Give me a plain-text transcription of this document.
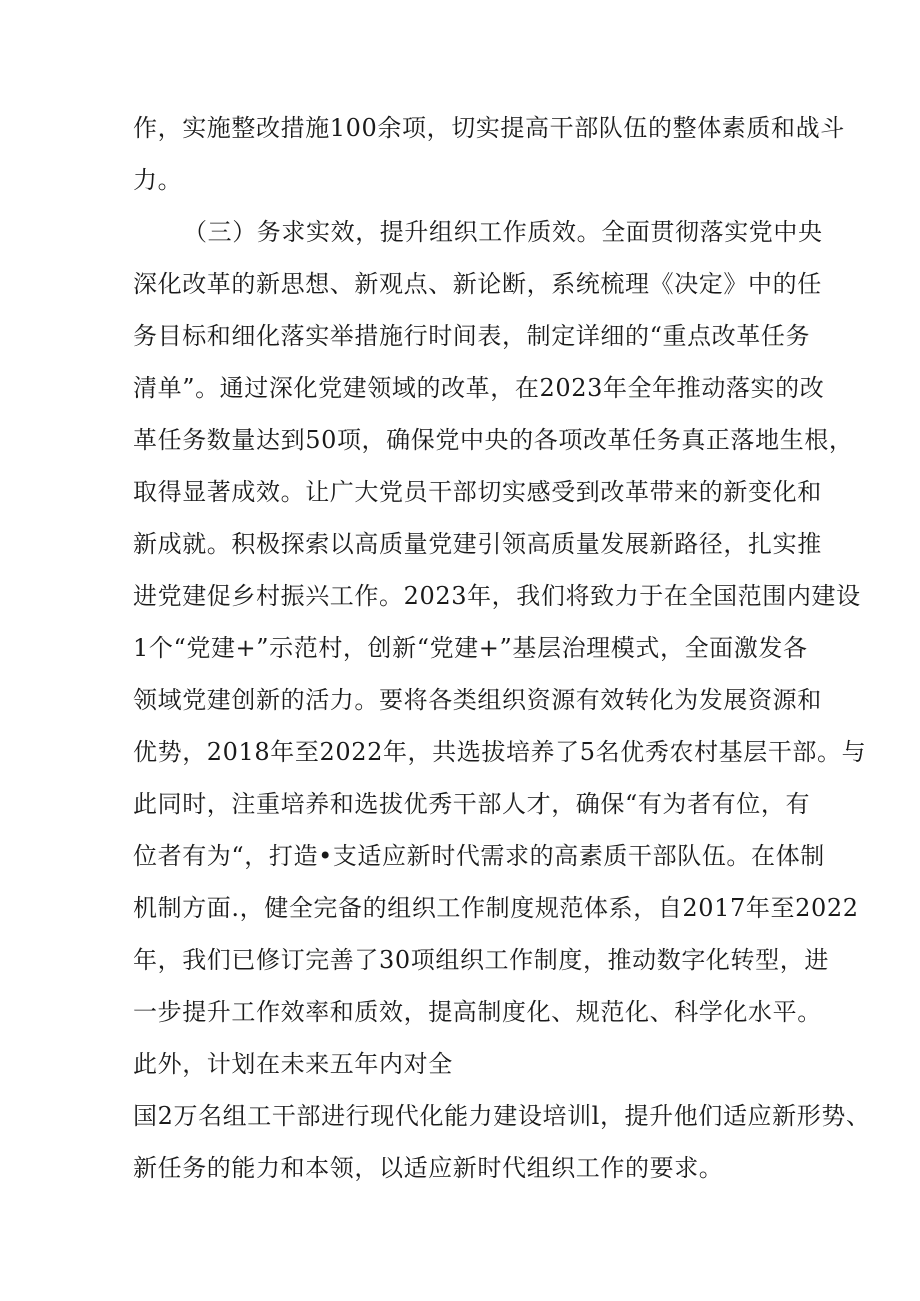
作，实施整改措施100余项，切实提高干部队伍的整体素质和战斗
力。
（三）务求实效，提升组织工作质效。全面贯彻落实党中央
深化改革的新思想、新观点、新论断，系统梳理《决定》中的任
务目标和细化落实举措施行时间表，制定详细的“重点改革任务
清单”。通过深化党建领域的改革，在2023年全年推动落实的改
革任务数量达到50项，确保党中央的各项改革任务真正落地生根，
取得显著成效。让广大党员干部切实感受到改革带来的新变化和
新成就。积极探索以高质量党建引领高质量发展新路径，扎实推
进党建促乡村振兴工作。2023年，我们将致力于在全国范围内建设
1个“党建+”示范村，创新“党建+”基层治理模式，全面激发各
领域党建创新的活力。要将各类组织资源有效转化为发展资源和
优势，2018年至2022年，共选拔培养了5名优秀农村基层干部。与
此同时，注重培养和选拔优秀干部人才，确保“有为者有位，有
位者有为“，打造•支适应新时代需求的高素质干部队伍。在体制
机制方面.，健全完备的组织工作制度规范体系，自2017年至2022
年，我们已修订完善了30项组织工作制度，推动数字化转型，进
一步提升工作效率和质效，提高制度化、规范化、科学化水平。
此外，计划在未来五年内对全
国2万名组工干部进行现代化能力建设培训l，提升他们适应新形势、
新任务的能力和本领，以适应新时代组织工作的要求。
